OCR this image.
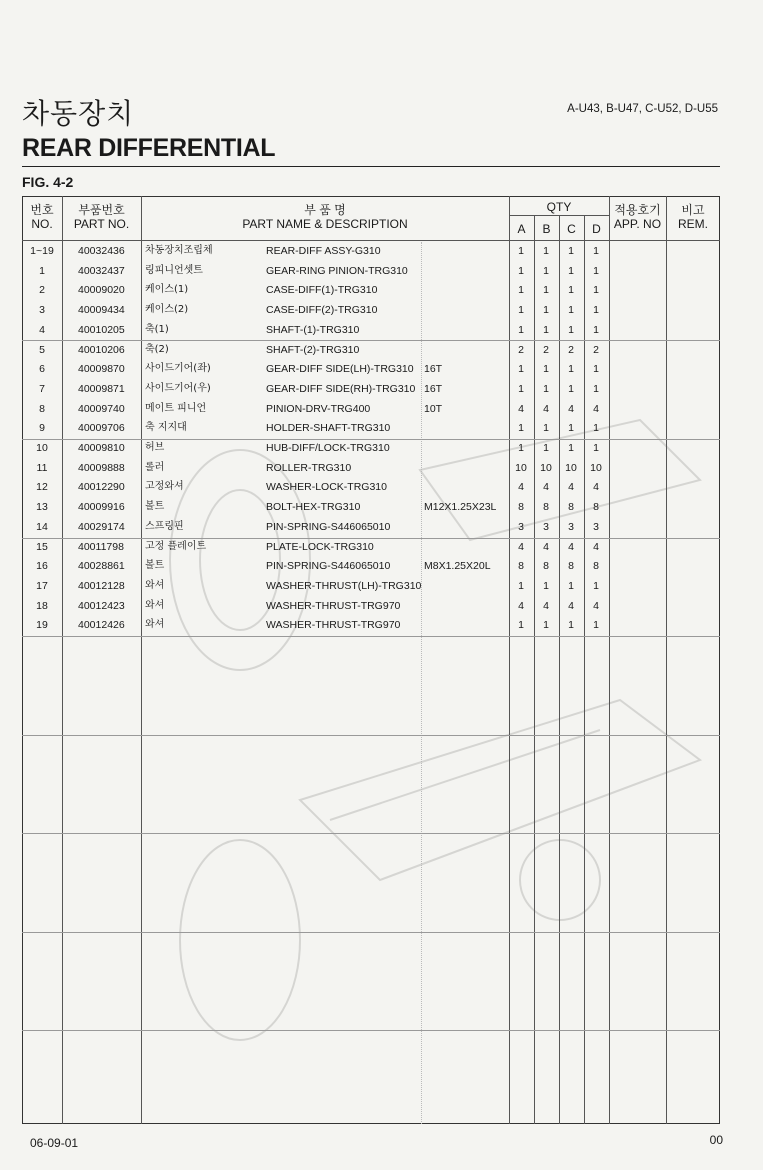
차동장치	A-U43, B-U47, C-U52, D-U55
REAR DIFFERENTIAL
FIG. 4-2
번호
NO.
부품번호
PART NO.
부 품 명
PART NAME & DESCRIPTION
QTY
A	B	C	D
적용호기
APP. NO
비고
REM.
1~19	40032436 차동장치조립체	REAR-DIFF ASSY-G310	1	1	1	1
1	40032437 링피니언셋트	GEAR-RING PINION-TRG310	1	1	1	1
2	40009020 케이스(1)	CASE-DIFF(1)-TRG310	1	1	1	1
3	40009434 케이스(2)	CASE-DIFF(2)-TRG310	1	1	1	1
4	40010205 축(1)	SHAFT-(1)-TRG310	1	1	1	1
5	40010206 축(2)	SHAFT-(2)-TRG310	2	2	2	2
6	40009870 사이드기어(좌)	GEAR-DIFF SIDE(LH)-TRG310 16T	1	1	1	1
7	40009871 사이드기어(우)	GEAR-DIFF SIDE(RH)-TRG310 16T	1	1	1	1
8	40009740 메이트 피니언	PINION-DRV-TRG400	10T	4	4	4	4
9	40009706 축 지지대	HOLDER-SHAFT-TRG310	1	1	1	1
10	40009810 허브	HUB-DIFF/LOCK-TRG310	1	1	1	1
11	40009888 롤러	ROLLER-TRG310	10	10	10	10
12	40012290 고정와셔	WASHER-LOCK-TRG310	4	4	4	4
13	40009916 볼트	BOLT-HEX-TRG310	M12X1.25X23L	8	8	8	8
14	40029174 스프링핀	PIN-SPRING-S446065010	3	3	3	3
15	40011798 고정 플레이트	PLATE-LOCK-TRG310	4	4	4	4
16	40028861 볼트	PIN-SPRING-S446065010	M8X1.25X20L	8	8	8	8
17	40012128 와셔	WASHER-THRUST(LH)-TRG310	1	1	1	1
18	40012423 와셔	WASHER-THRUST-TRG970	4	4	4	4
19	40012426 와셔	WASHER-THRUST-TRG970	1	1	1	1
06-09-01	00
